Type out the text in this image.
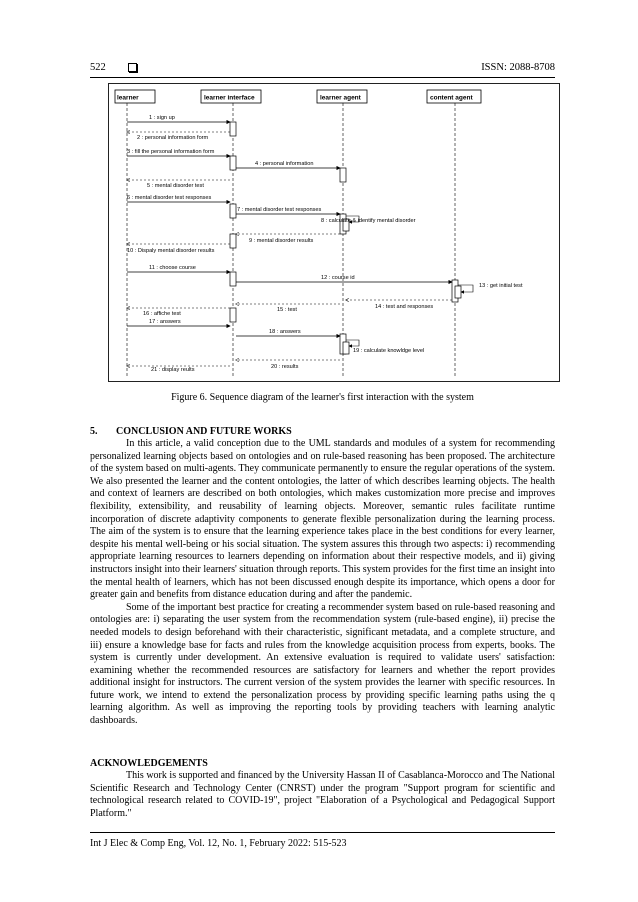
522	ISSN: 2088-8708
learner	learner interface	learner agent	content agent
1 : sign up
2 : personal information form
3 : fill the personal information form
4 : personal information
5 : mental disorder test
6 : mental disorder test responses
7 : mental disorder test responses
8 : calculate & identify mental disorder
9 : mental disorder results
10 : Dispaly mental disorder results
11 : choose course
12 : course id
13 : get initial test
14 : test and responses
15 : test
16 : affiche test
17 : answers
18 : answers
19 : calculate knowldge level
20 : results
21 : display reults
Figure 6. Sequence diagram of the learner's first interaction with the system
5. CONCLUSION AND FUTURE WORKS

In this article, a valid conception due to the UML standards and modules of a system for recommending personalized learning objects based on ontologies and on rule-based reasoning has been proposed. The architecture of the system based on multi-agents. They communicate permanently to ensure the regular operations of the system. We also presented the learner and the content ontologies, the latter of which describes learning objects. The health and context of learners are described on both ontologies, which makes customization more precise and improves flexibility, extensibility, and reusability of learning objects. Moreover, semantic rules facilitate runtime incorporation of discrete adaptivity components to generate flexible personalization during the learning process. The aim of the system is to ensure that the learning experience takes place in the best conditions for every learner, despite his mental well-being or his social situation. The system assures this through two aspects: i) recommending appropriate learning resources to learners depending on information about their respective models, and ii) giving instructors insight into their learners' situation through reports. This system provides for the first time an insight into the mental health of learners, which has not been discussed enough despite its importance, which opens a door for greater gain and benefits from distance education during and after the pandemic.

Some of the important best practice for creating a recommender system based on rule-based reasoning and ontologies are: i) separating the user system from the recommendation system (rule-based engine), ii) precise the needed models to design beforehand with their characteristic, significant metadata, and a complete structure, and iii) ensure a knowledge base for facts and rules from the knowledge acquisition process from experts, books. The system is currently under development. An extensive evaluation is required to validate users' satisfaction: examining whether the recommended resources are satisfactory for learners and whether the report provides additional insight for instructors. The current version of the system provides the learner with specific resources. In future work, we intend to extend the personalization process by providing specific learning paths using the q learning algorithm. As well as improving the reporting tools by providing teachers with learning analytic dashboards.

ACKNOWLEDGEMENTS

This work is supported and financed by the University Hassan II of Casablanca-Morocco and The National Scientific Research and Technology Center (CNRST) under the program "Support program for scientific and technological research related to COVID-19", project "Elaboration of a Psychological and Pedagogical Support Platform."

Int J Elec & Comp Eng, Vol. 12, No. 1, February 2022: 515-523
